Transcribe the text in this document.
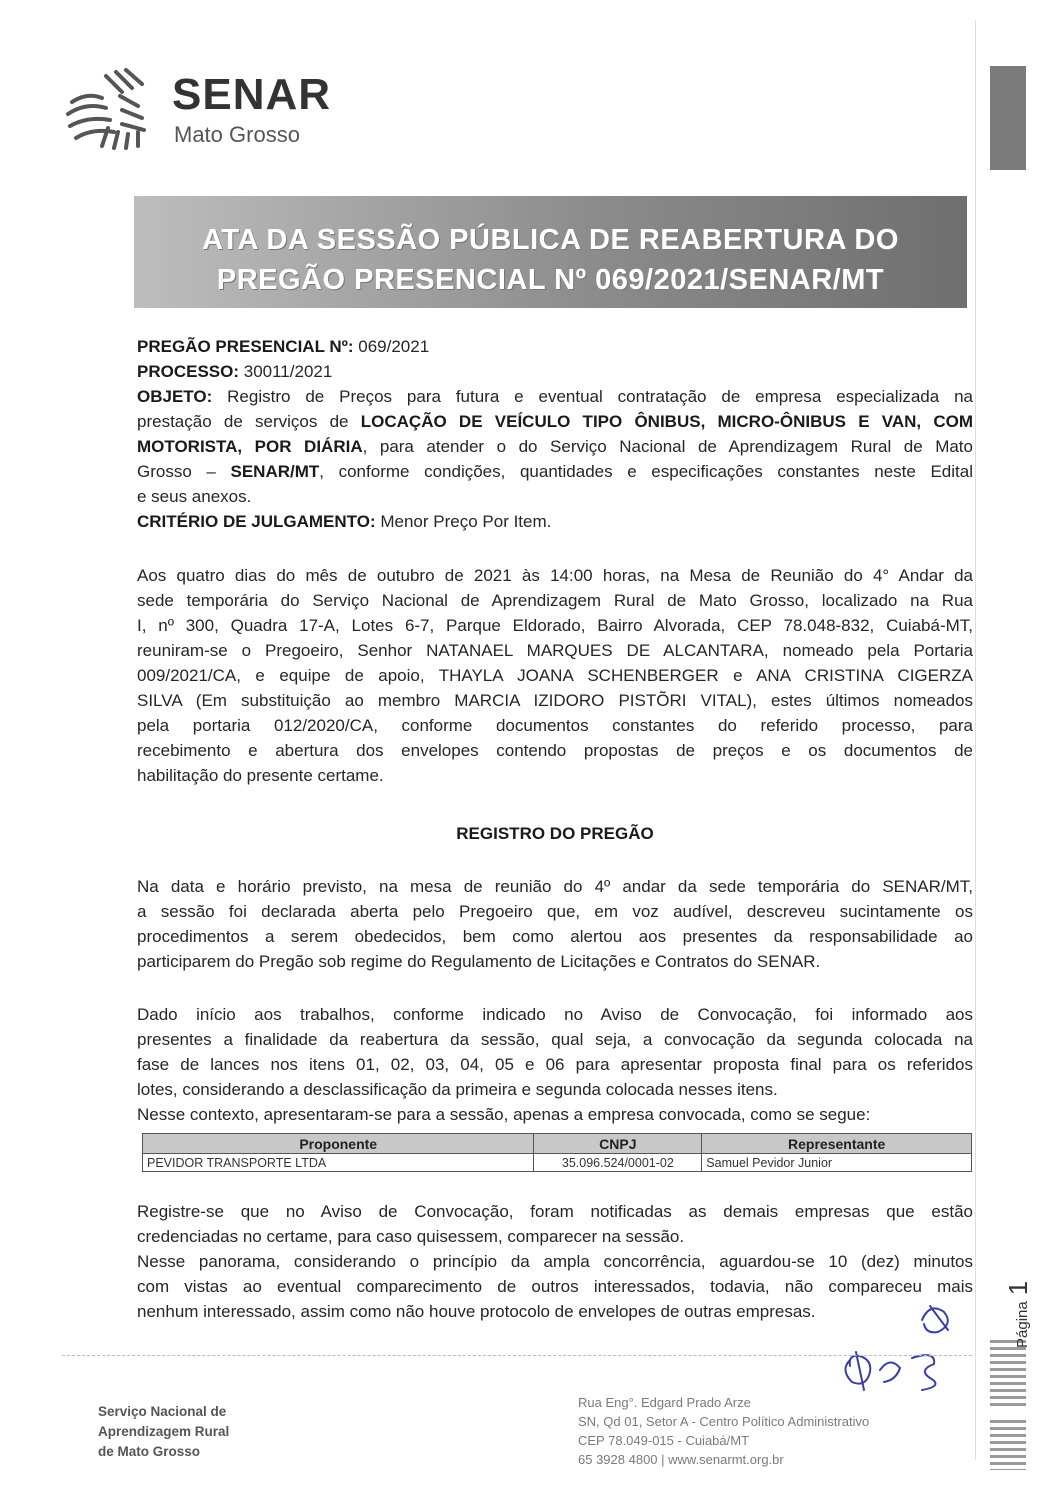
Página1
SENAR
Mato Grosso
ATA DA SESSÃO PÚBLICA DE REABERTURA DO
PREGÃO PRESENCIAL Nº 069/2021/SENAR/MT
PREGÃO PRESENCIAL Nº: 069/2021
PROCESSO: 30011/2021
OBJETO: Registro de Preços para futura e eventual contratação de empresa especializada na
prestação de serviços de LOCAÇÃO DE VEÍCULO TIPO ÔNIBUS, MICRO-ÔNIBUS E VAN, COM
MOTORISTA, POR DIÁRIA, para atender o do Serviço Nacional de Aprendizagem Rural de Mato
Grosso – SENAR/MT, conforme condições, quantidades e especificações constantes neste Edital
e seus anexos.
CRITÉRIO DE JULGAMENTO: Menor Preço Por Item.
Aos quatro dias do mês de outubro de 2021 às 14:00 horas, na Mesa de Reunião do 4° Andar da
sede temporária do Serviço Nacional de Aprendizagem Rural de Mato Grosso, localizado na Rua
I, nº 300, Quadra 17-A, Lotes 6-7, Parque Eldorado, Bairro Alvorada, CEP 78.048-832, Cuiabá-MT,
reuniram-se o Pregoeiro, Senhor NATANAEL MARQUES DE ALCANTARA, nomeado pela Portaria
009/2021/CA, e equipe de apoio, THAYLA JOANA SCHENBERGER e ANA CRISTINA CIGERZA
SILVA (Em substituição ao membro MARCIA IZIDORO PISTÕRI VITAL), estes últimos nomeados
pela portaria 012/2020/CA, conforme documentos constantes do referido processo, para
recebimento e abertura dos envelopes contendo propostas de preços e os documentos de
habilitação do presente certame.
REGISTRO DO PREGÃO
Na data e horário previsto, na mesa de reunião do 4º andar da sede temporária do SENAR/MT,
a sessão foi declarada aberta pelo Pregoeiro que, em voz audível, descreveu sucintamente os
procedimentos a serem obedecidos, bem como alertou aos presentes da responsabilidade ao
participarem do Pregão sob regime do Regulamento de Licitações e Contratos do SENAR.
Dado início aos trabalhos, conforme indicado no Aviso de Convocação, foi informado aos
presentes a finalidade da reabertura da sessão, qual seja, a convocação da segunda colocada na
fase de lances nos itens 01, 02, 03, 04, 05 e 06 para apresentar proposta final para os referidos
lotes, considerando a desclassificação da primeira e segunda colocada nesses itens.
Nesse contexto, apresentaram-se para a sessão, apenas a empresa convocada, como se segue:
Proponente	CNPJ	Representante
PEVIDOR TRANSPORTE LTDA	35.096.524/0001-02	Samuel Pevidor Junior
Registre-se que no Aviso de Convocação, foram notificadas as demais empresas que estão
credenciadas no certame, para caso quisessem, comparecer na sessão.
Nesse panorama, considerando o princípio da ampla concorrência, aguardou-se 10 (dez) minutos
com vistas ao eventual comparecimento de outros interessados, todavia, não compareceu mais
nenhum interessado, assim como não houve protocolo de envelopes de outras empresas.
Serviço Nacional de
Aprendizagem Rural
de Mato Grosso
Rua Eng°. Edgard Prado Arze
SN, Qd 01, Setor A - Centro Político Administrativo
CEP 78.049-015 - Cuiabá/MT
65 3928 4800 | www.senarmt.org.br
